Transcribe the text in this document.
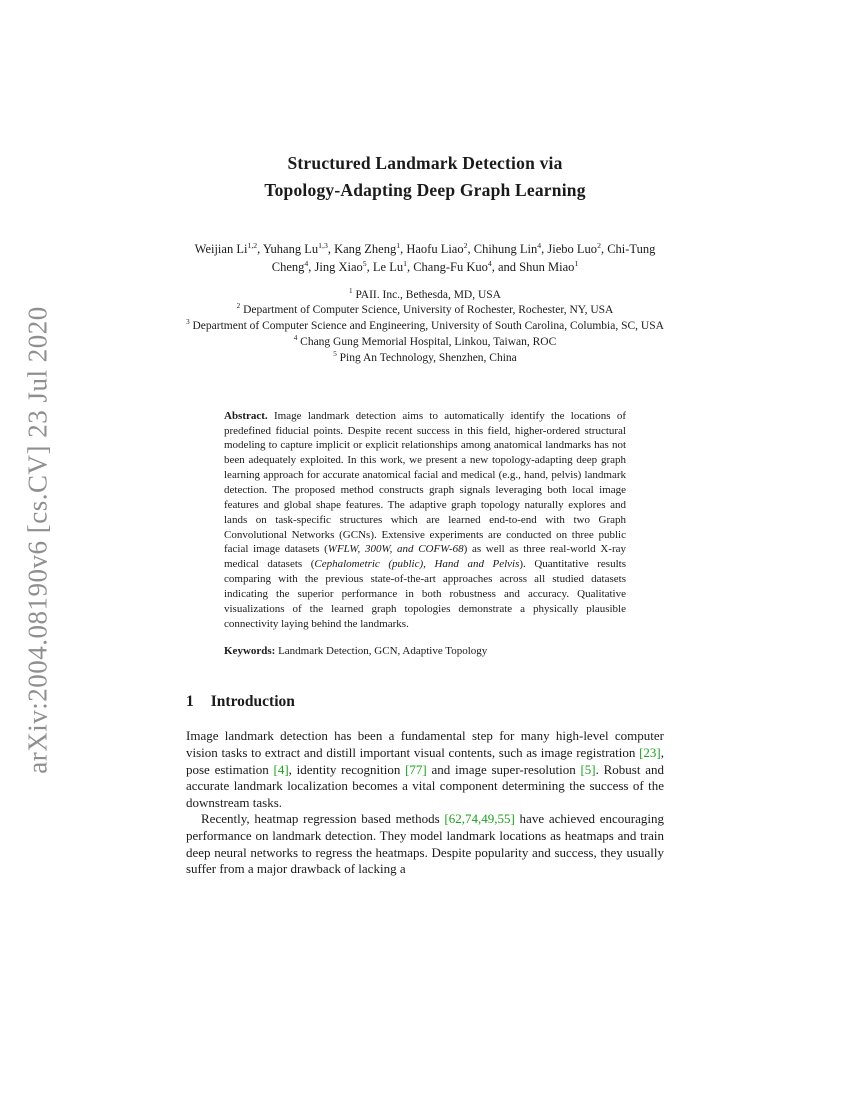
arXiv:2004.08190v6 [cs.CV] 23 Jul 2020
Structured Landmark Detection via
Topology-Adapting Deep Graph Learning

Weijian Li$^{1,2}$, Yuhang Lu$^{1,3}$, Kang Zheng$^1$, Haofu Liao$^2$, Chihung Lin$^4$, Jiebo Luo$^2$, Chi-Tung Cheng$^4$, Jing Xiao$^5$, Le Lu$^1$, Chang-Fu Kuo$^4$, and Shun Miao$^1$

$^1$ PAII. Inc., Bethesda, MD, USA

$^2$ Department of Computer Science, University of Rochester, Rochester, NY, USA

$^3$ Department of Computer Science and Engineering, University of South Carolina, Columbia, SC, USA

$^4$ Chang Gung Memorial Hospital, Linkou, Taiwan, ROC

$^5$ Ping An Technology, Shenzhen, China

Abstract. Image landmark detection aims to automatically identify the locations of predefined fiducial points. Despite recent success in this field, higher-ordered structural modeling to capture implicit or explicit relationships among anatomical landmarks has not been adequately exploited. In this work, we present a new topology-adapting deep graph learning approach for accurate anatomical facial and medical (e.g., hand, pelvis) landmark detection. The proposed method constructs graph signals leveraging both local image features and global shape features. The adaptive graph topology naturally explores and lands on task-specific structures which are learned end-to-end with two Graph Convolutional Networks (GCNs). Extensive experiments are conducted on three public facial image datasets (WFLW, 300W, and COFW-68) as well as three real-world X-ray medical datasets (Cephalometric (public), Hand and Pelvis). Quantitative results comparing with the previous state-of-the-art approaches across all studied datasets indicating the superior performance in both robustness and accuracy. Qualitative visualizations of the learned graph topologies demonstrate a physically plausible connectivity laying behind the landmarks.

Keywords: Landmark Detection, GCN, Adaptive Topology

1 Introduction

Image landmark detection has been a fundamental step for many high-level computer vision tasks to extract and distill important visual contents, such as image registration [23], pose estimation [4], identity recognition [77] and image super-resolution [5]. Robust and accurate landmark localization becomes a vital component determining the success of the downstream tasks.

Recently, heatmap regression based methods [62,74,49,55] have achieved encouraging performance on landmark detection. They model landmark locations as heatmaps and train deep neural networks to regress the heatmaps. Despite popularity and success, they usually suffer from a major drawback of lacking a
